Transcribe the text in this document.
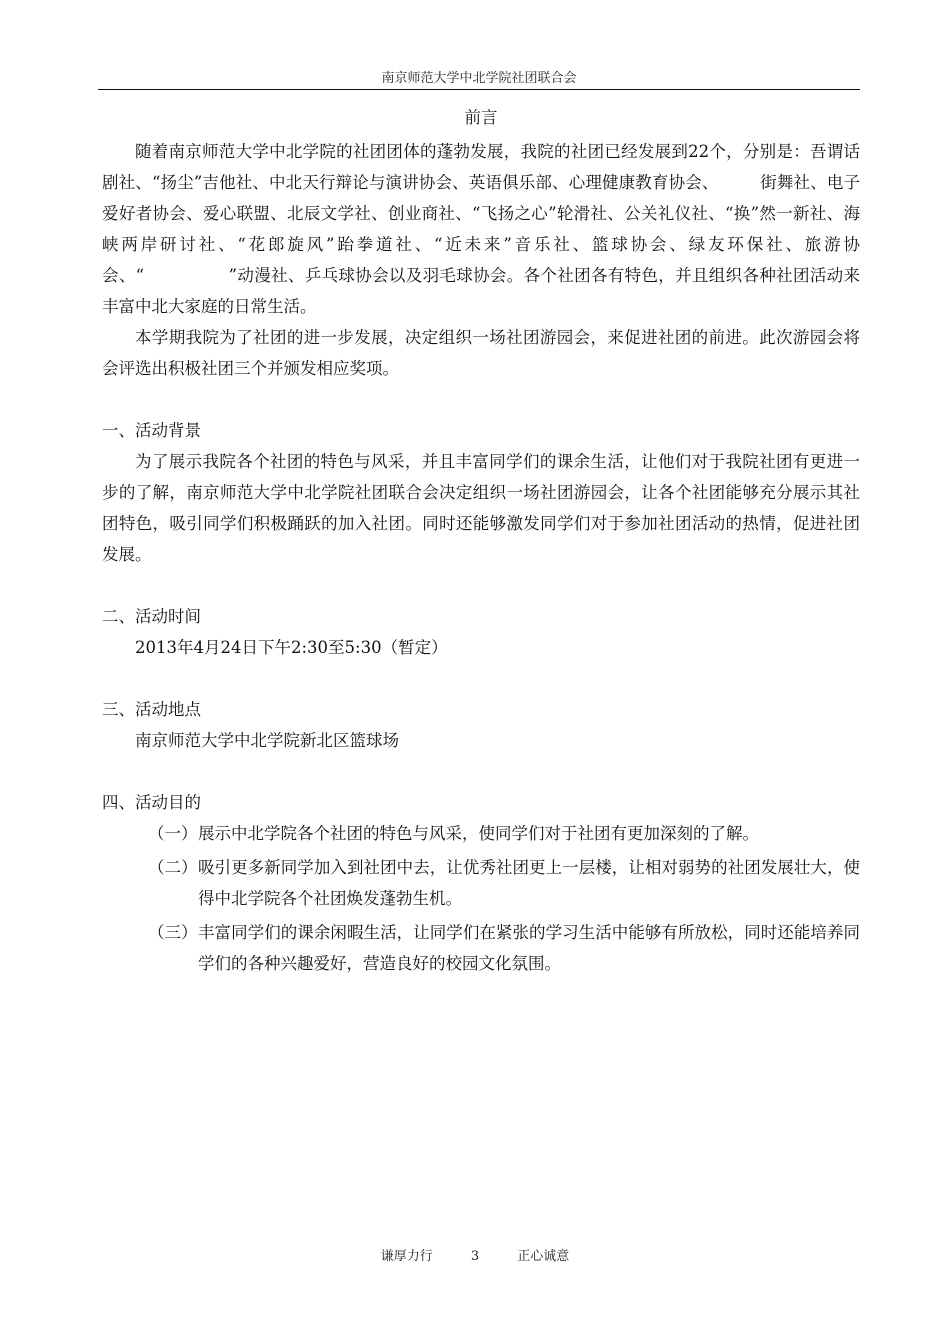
南京师范大学中北学院社团联合会
前言

随着南京师范大学中北学院的社团团体的蓬勃发展，我院的社团已经发展到22个，分别是：吾谓话剧社、“扬尘”吉他社、中北天行辩论与演讲协会、英语俱乐部、心理健康教育协会、　　　街舞社、电子爱好者协会、爱心联盟、北辰文学社、创业商社、“飞扬之心”轮滑社、公关礼仪社、“换”然一新社、海峡两岸研讨社、“花郎旋风”跆拳道社、“近未来”音乐社、篮球协会、绿友环保社、旅游协会、“　　　　　”动漫社、乒乓球协会以及羽毛球协会。各个社团各有特色，并且组织各种社团活动来丰富中北大家庭的日常生活。

本学期我院为了社团的进一步发展，决定组织一场社团游园会，来促进社团的前进。此次游园会将会评选出积极社团三个并颁发相应奖项。

一、活动背景

为了展示我院各个社团的特色与风采，并且丰富同学们的课余生活，让他们对于我院社团有更进一步的了解，南京师范大学中北学院社团联合会决定组织一场社团游园会，让各个社团能够充分展示其社团特色，吸引同学们积极踊跃的加入社团。同时还能够激发同学们对于参加社团活动的热情，促进社团发展。

二、活动时间

2013年4月24日下午2:30至5:30（暂定）

三、活动地点

南京师范大学中北学院新北区篮球场

四、活动目的

（一） 展示中北学院各个社团的特色与风采，使同学们对于社团有更加深刻的了解。
（二） 吸引更多新同学加入到社团中去，让优秀社团更上一层楼，让相对弱势的社团发展壮大，使得中北学院各个社团焕发蓬勃生机。
（三） 丰富同学们的课余闲暇生活，让同学们在紧张的学习生活中能够有所放松，同时还能培养同学们的各种兴趣爱好，营造良好的校园文化氛围。
谦厚力行	3	正心诚意
